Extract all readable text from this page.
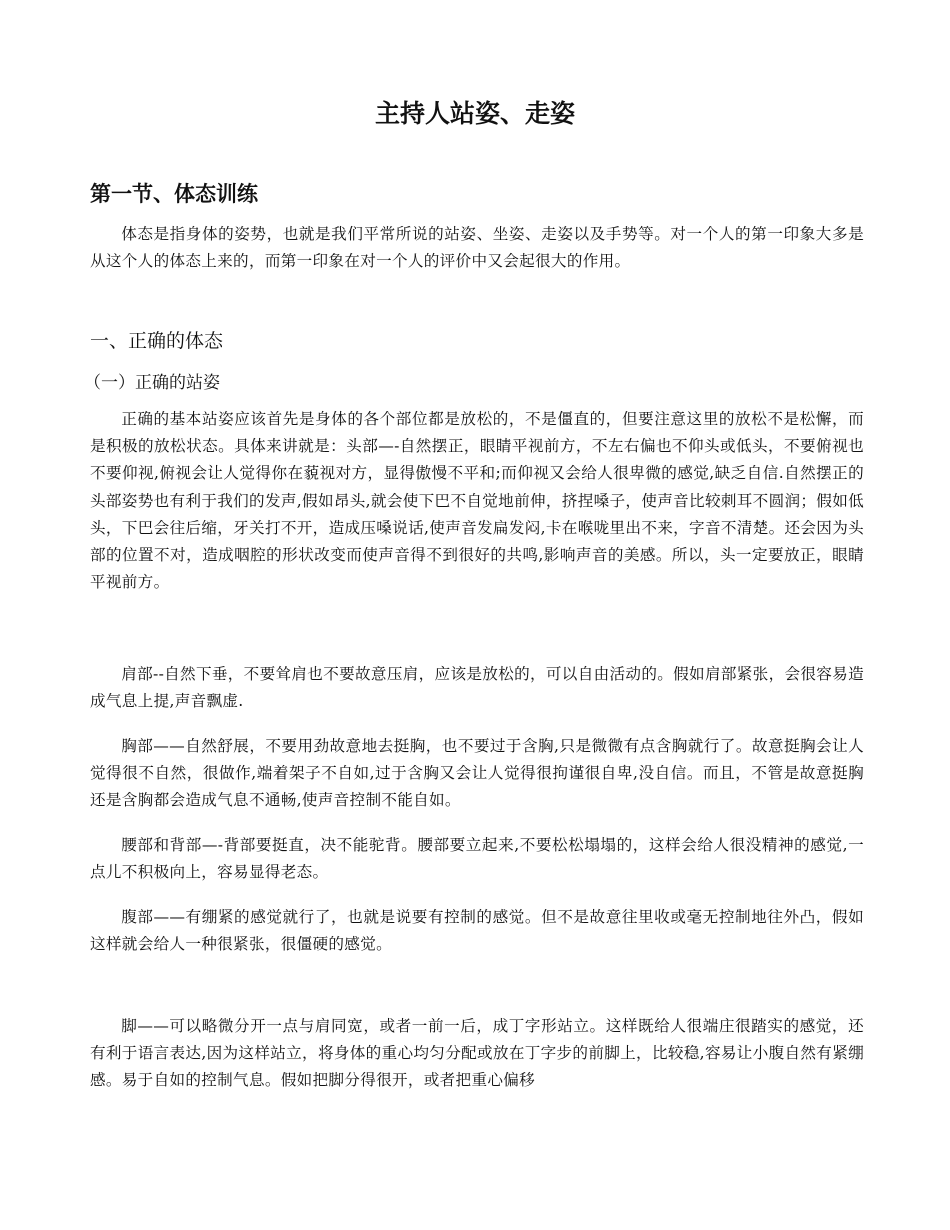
主持人站姿、走姿
第一节、体态训练

体态是指身体的姿势，也就是我们平常所说的站姿、坐姿、走姿以及手势等。对一个人的第一印象大多是从这个人的体态上来的，而第一印象在对一个人的评价中又会起很大的作用。

一、正确的体态
（一）正确的站姿

正确的基本站姿应该首先是身体的各个部位都是放松的，不是僵直的，但要注意这里的放松不是松懈，而是积极的放松状态。具体来讲就是：头部—-自然摆正，眼睛平视前方，不左右偏也不仰头或低头，不要俯视也不要仰视,俯视会让人觉得你在藐视对方，显得傲慢不平和;而仰视又会给人很卑微的感觉,缺乏自信.自然摆正的头部姿势也有利于我们的发声,假如昂头,就会使下巴不自觉地前伸，挤捏嗓子，使声音比较刺耳不圆润；假如低头，下巴会往后缩，牙关打不开，造成压嗓说话,使声音发扁发闷,卡在喉咙里出不来，字音不清楚。还会因为头部的位置不对，造成咽腔的形状改变而使声音得不到很好的共鸣,影响声音的美感。所以，头一定要放正，眼睛平视前方。

肩部--自然下垂，不要耸肩也不要故意压肩，应该是放松的，可以自由活动的。假如肩部紧张，会很容易造成气息上提,声音飘虚.

胸部——自然舒展，不要用劲故意地去挺胸，也不要过于含胸,只是微微有点含胸就行了。故意挺胸会让人觉得很不自然，很做作,端着架子不自如,过于含胸又会让人觉得很拘谨很自卑,没自信。而且，不管是故意挺胸还是含胸都会造成气息不通畅,使声音控制不能自如。

腰部和背部—-背部要挺直，决不能驼背。腰部要立起来,不要松松塌塌的，这样会给人很没精神的感觉,一点儿不积极向上，容易显得老态。

腹部——有绷紧的感觉就行了，也就是说要有控制的感觉。但不是故意往里收或毫无控制地往外凸，假如这样就会给人一种很紧张，很僵硬的感觉。

脚——可以略微分开一点与肩同宽，或者一前一后，成丁字形站立。这样既给人很端庄很踏实的感觉，还有利于语言表达,因为这样站立，将身体的重心均匀分配或放在丁字步的前脚上，比较稳,容易让小腹自然有紧绷感。易于自如的控制气息。假如把脚分得很开，或者把重心偏移
